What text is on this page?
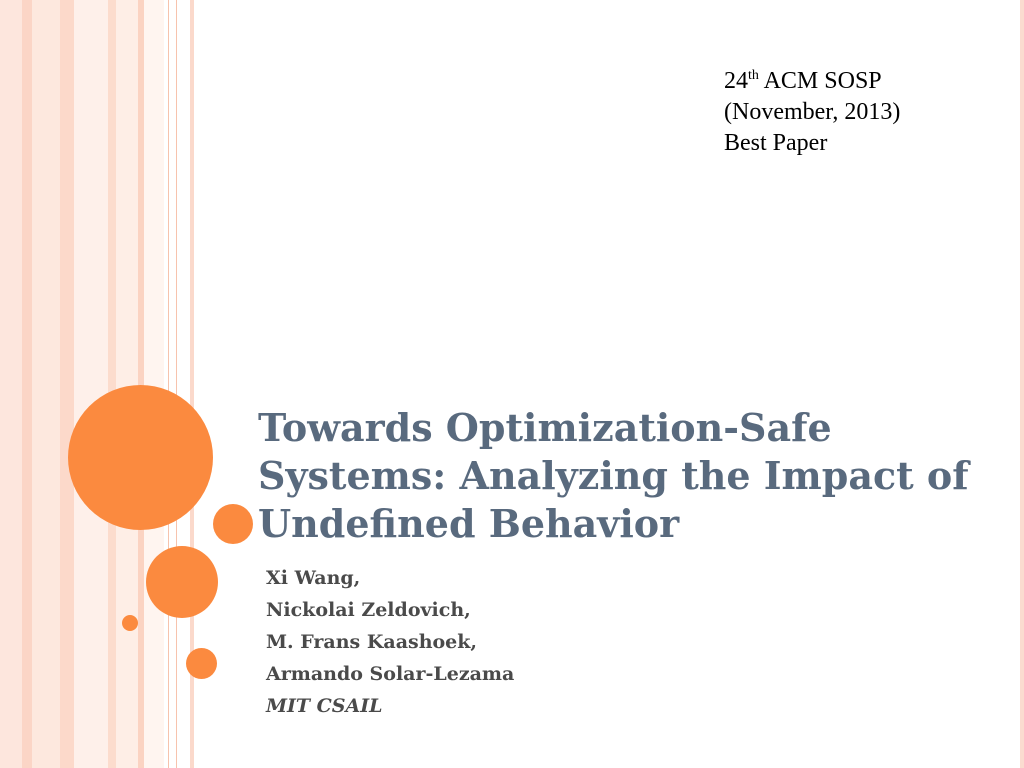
24th ACM SOSP
(November, 2013)
Best Paper
Towards Optimization-Safe
Systems: Analyzing the Impact of
Undefined Behavior
Xi Wang,
Nickolai Zeldovich,
M. Frans Kaashoek,
Armando Solar-Lezama
MIT CSAIL
